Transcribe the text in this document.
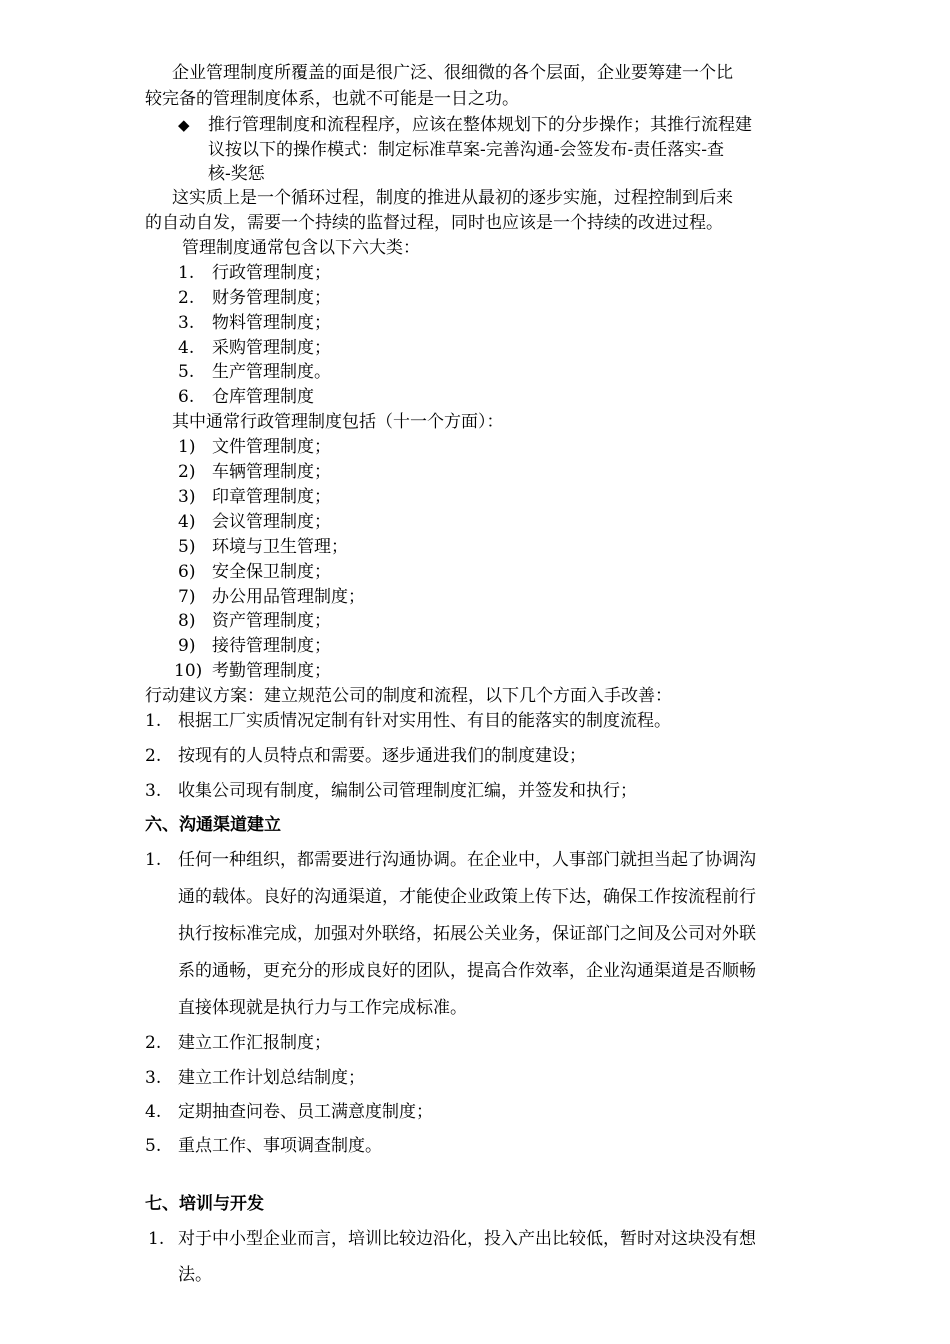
企业管理制度所覆盖的面是很广泛、很细微的各个层面，企业要筹建一个比
较完备的管理制度体系，也就不可能是一日之功。
◆ 推行管理制度和流程程序，应该在整体规划下的分步操作；其推行流程建
议按以下的操作模式：制定标准草案-完善沟通-会签发布-责任落实-查
核-奖惩
这实质上是一个循环过程，制度的推进从最初的逐步实施，过程控制到后来
的自动自发，需要一个持续的监督过程，同时也应该是一个持续的改进过程。
管理制度通常包含以下六大类：
1. 行政管理制度；
2. 财务管理制度；
3. 物料管理制度；
4. 采购管理制度；
5. 生产管理制度。
6. 仓库管理制度
其中通常行政管理制度包括（十一个方面）：
1) 文件管理制度；
2) 车辆管理制度；
3) 印章管理制度；
4) 会议管理制度；
5) 环境与卫生管理；
6) 安全保卫制度；
7) 办公用品管理制度；
8) 资产管理制度；
9) 接待管理制度；
10) 考勤管理制度；
行动建议方案：建立规范公司的制度和流程，以下几个方面入手改善：
1. 根据工厂实质情况定制有针对实用性、有目的能落实的制度流程。
2. 按现有的人员特点和需要。逐步通进我们的制度建设；
3. 收集公司现有制度，编制公司管理制度汇编，并签发和执行；
六、沟通渠道建立
1. 任何一种组织，都需要进行沟通协调。在企业中，人事部门就担当起了协调沟
通的载体。良好的沟通渠道，才能使企业政策上传下达，确保工作按流程前行
执行按标准完成，加强对外联络，拓展公关业务，保证部门之间及公司对外联
系的通畅，更充分的形成良好的团队，提高合作效率，企业沟通渠道是否顺畅
直接体现就是执行力与工作完成标准。
2. 建立工作汇报制度；
3. 建立工作计划总结制度；
4. 定期抽查问卷、员工满意度制度；
5. 重点工作、事项调查制度。
七、培训与开发
1. 对于中小型企业而言，培训比较边沿化，投入产出比较低，暂时对这块没有想
法。
